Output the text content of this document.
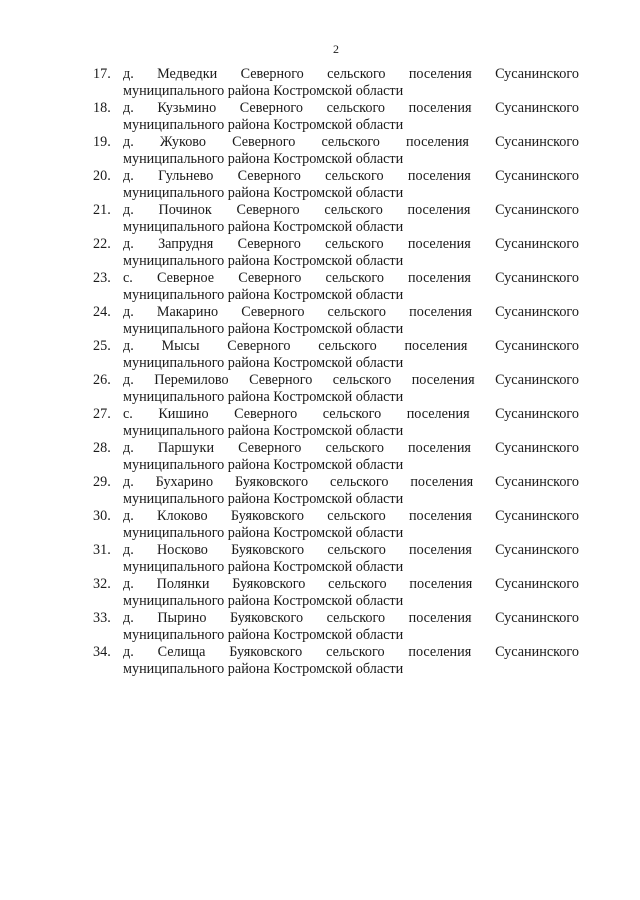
2
17. д. Медведки Северного сельского поселения Сусанинского
муниципального района Костромской области
18. д. Кузьмино Северного сельского поселения Сусанинского
муниципального района Костромской области
19. д. Жуково Северного сельского поселения Сусанинского
муниципального района Костромской области
20. д. Гульнево Северного сельского поселения Сусанинского
муниципального района Костромской области
21. д. Починок Северного сельского поселения Сусанинского
муниципального района Костромской области
22. д. Запрудня Северного сельского поселения Сусанинского
муниципального района Костромской области
23. с. Северное Северного сельского поселения Сусанинского
муниципального района Костромской области
24. д. Макарино Северного сельского поселения Сусанинского
муниципального района Костромской области
25. д. Мысы Северного сельского поселения Сусанинского
муниципального района Костромской области
26. д. Перемилово Северного сельского поселения Сусанинского
муниципального района Костромской области
27. с. Кишино Северного сельского поселения Сусанинского
муниципального района Костромской области
28. д. Паршуки Северного сельского поселения Сусанинского
муниципального района Костромской области
29. д. Бухарино Буяковского сельского поселения Сусанинского
муниципального района Костромской области
30. д. Клоково Буяковского сельского поселения Сусанинского
муниципального района Костромской области
31. д. Носково Буяковского сельского поселения Сусанинского
муниципального района Костромской области
32. д. Полянки Буяковского сельского поселения Сусанинского
муниципального района Костромской области
33. д. Пырино Буяковского сельского поселения Сусанинского
муниципального района Костромской области
34. д. Селища Буяковского сельского поселения Сусанинского
муниципального района Костромской области
